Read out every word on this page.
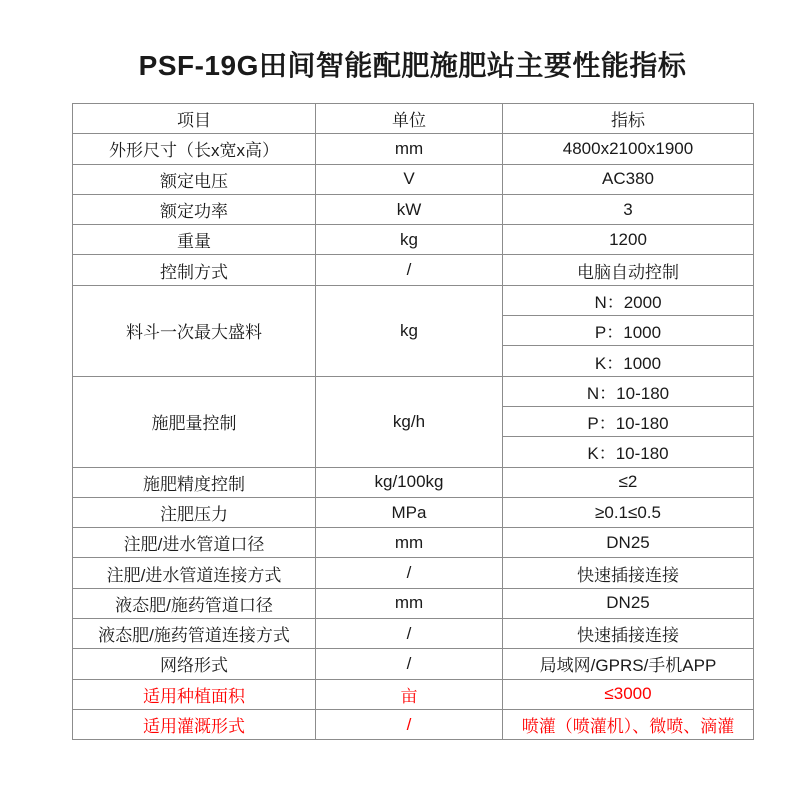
PSF-19G田间智能配肥施肥站主要性能指标
项目	单位	指标
外形尺寸（长x宽x高）	mm	4800x2100x1900
额定电压	V	AC380
额定功率	kW	3
重量	kg	1200
控制方式	/	电脑自动控制
料斗一次最大盛料	kg	N：2000
		P：1000
		K：1000
施肥量控制	kg/h	N：10-180
		P：10-180
		K：10-180
施肥精度控制	kg/100kg	≤2
注肥压力	MPa	≥0.1≤0.5
注肥/进水管道口径	mm	DN25
注肥/进水管道连接方式	/	快速插接连接
液态肥/施药管道口径	mm	DN25
液态肥/施药管道连接方式	/	快速插接连接
网络形式	/	局域网/GPRS/手机APP
适用种植面积	亩	≤3000
适用灌溉形式	/	喷灌（喷灌机）、微喷、滴灌
